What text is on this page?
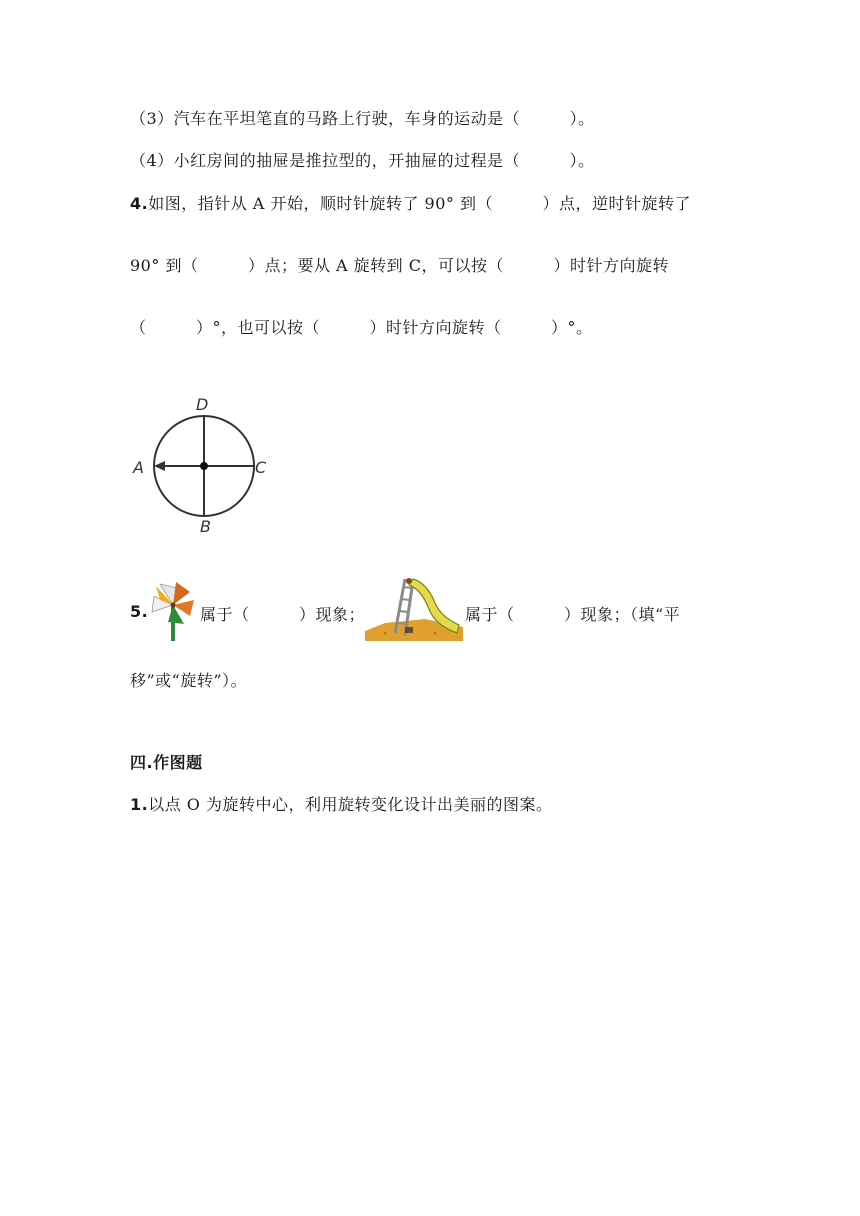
（3）汽车在平坦笔直的马路上行驶，车身的运动是（　　　）。
（4）小红房间的抽屉是推拉型的，开抽屉的过程是（　　　）。
4.如图，指针从 A 开始，顺时针旋转了 90° 到（　　　）点，逆时针旋转了
90° 到（　　　）点；要从 A 旋转到 C，可以按（　　　）时针方向旋转
（　　　）°，也可以按（　　　）时针方向旋转（　　　）°。
D
A	C
B
5.	属于（　　　）现象；	属于（　　　）现象；（填“平
移”或“旋转”）。
四.作图题
1.以点 O 为旋转中心，利用旋转变化设计出美丽的图案。
